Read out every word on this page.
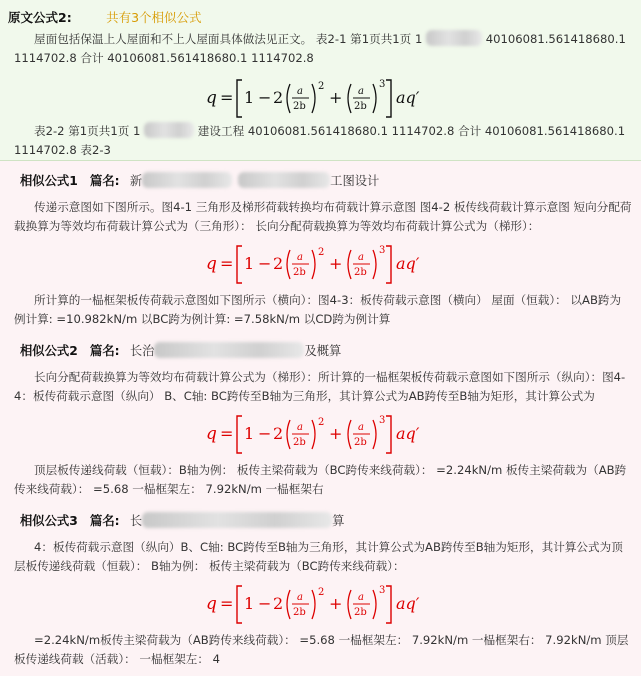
原文公式2:	共有3个相似公式
屋面包括保温上人屋面和不上人屋面具体做法见正文。 表2-1 第1页共1页 1	40106081.561418680.1 1114702.8 合计 40106081.561418680.1 1114702.8
q = 1 − 2 a
2b
2
+ a
2b
3
aq′
表2-2 第1页共1页 1	建设工程 40106081.561418680.1 1114702.8 合计 40106081.561418680.1 1114702.8 表2-3
相似公式1 篇名: 新	工图设计
传递示意图如下图所示。图4-1 三角形及梯形荷载转换均布荷载计算示意图 图4-2 板传线荷载计算示意图 短向分配荷载换算为等效均布荷载计算公式为（三角形）： 长向分配荷载换算为等效均布荷载计算公式为（梯形）：
q = 1 − 2 a
2b
2
+ a
2b
3
aq′
所计算的一榀框架板传荷载示意图如下图所示（横向）：图4-3：板传荷载示意图（横向） 屋面（恒载）： 以AB跨为例计算: =10.982kN/m 以BC跨为例计算: =7.58kN/m 以CD跨为例计算
相似公式2 篇名: 长治	及概算
长向分配荷载换算为等效均布荷载计算公式为（梯形）：所计算的一榀框架板传荷载示意图如下图所示（纵向）：图4-4：板传荷载示意图（纵向） B、C轴: BC跨传至B轴为三角形，其计算公式为AB跨传至B轴为矩形，其计算公式为
q = 1 − 2 a
2b
2
+ a
2b
3
aq′
顶层板传递线荷载（恒载）：B轴为例： 板传主梁荷载为（BC跨传来线荷载）： =2.24kN/m 板传主梁荷载为（AB跨传来线荷载）： =5.68 一榀框架左： 7.92kN/m 一榀框架右
相似公式3 篇名: 长	算
4：板传荷载示意图（纵向）B、C轴: BC跨传至B轴为三角形，其计算公式为AB跨传至B轴为矩形，其计算公式为顶层板传递线荷载（恒载）： B轴为例： 板传主梁荷载为（BC跨传来线荷载）：
q = 1 − 2 a
2b
2
+ a
2b
3
aq′
=2.24kN/m板传主梁荷载为（AB跨传来线荷载）： =5.68 一榀框架左： 7.92kN/m 一榀框架右： 7.92kN/m 顶层板传递线荷载（活载）： 一榀框架左： 4
